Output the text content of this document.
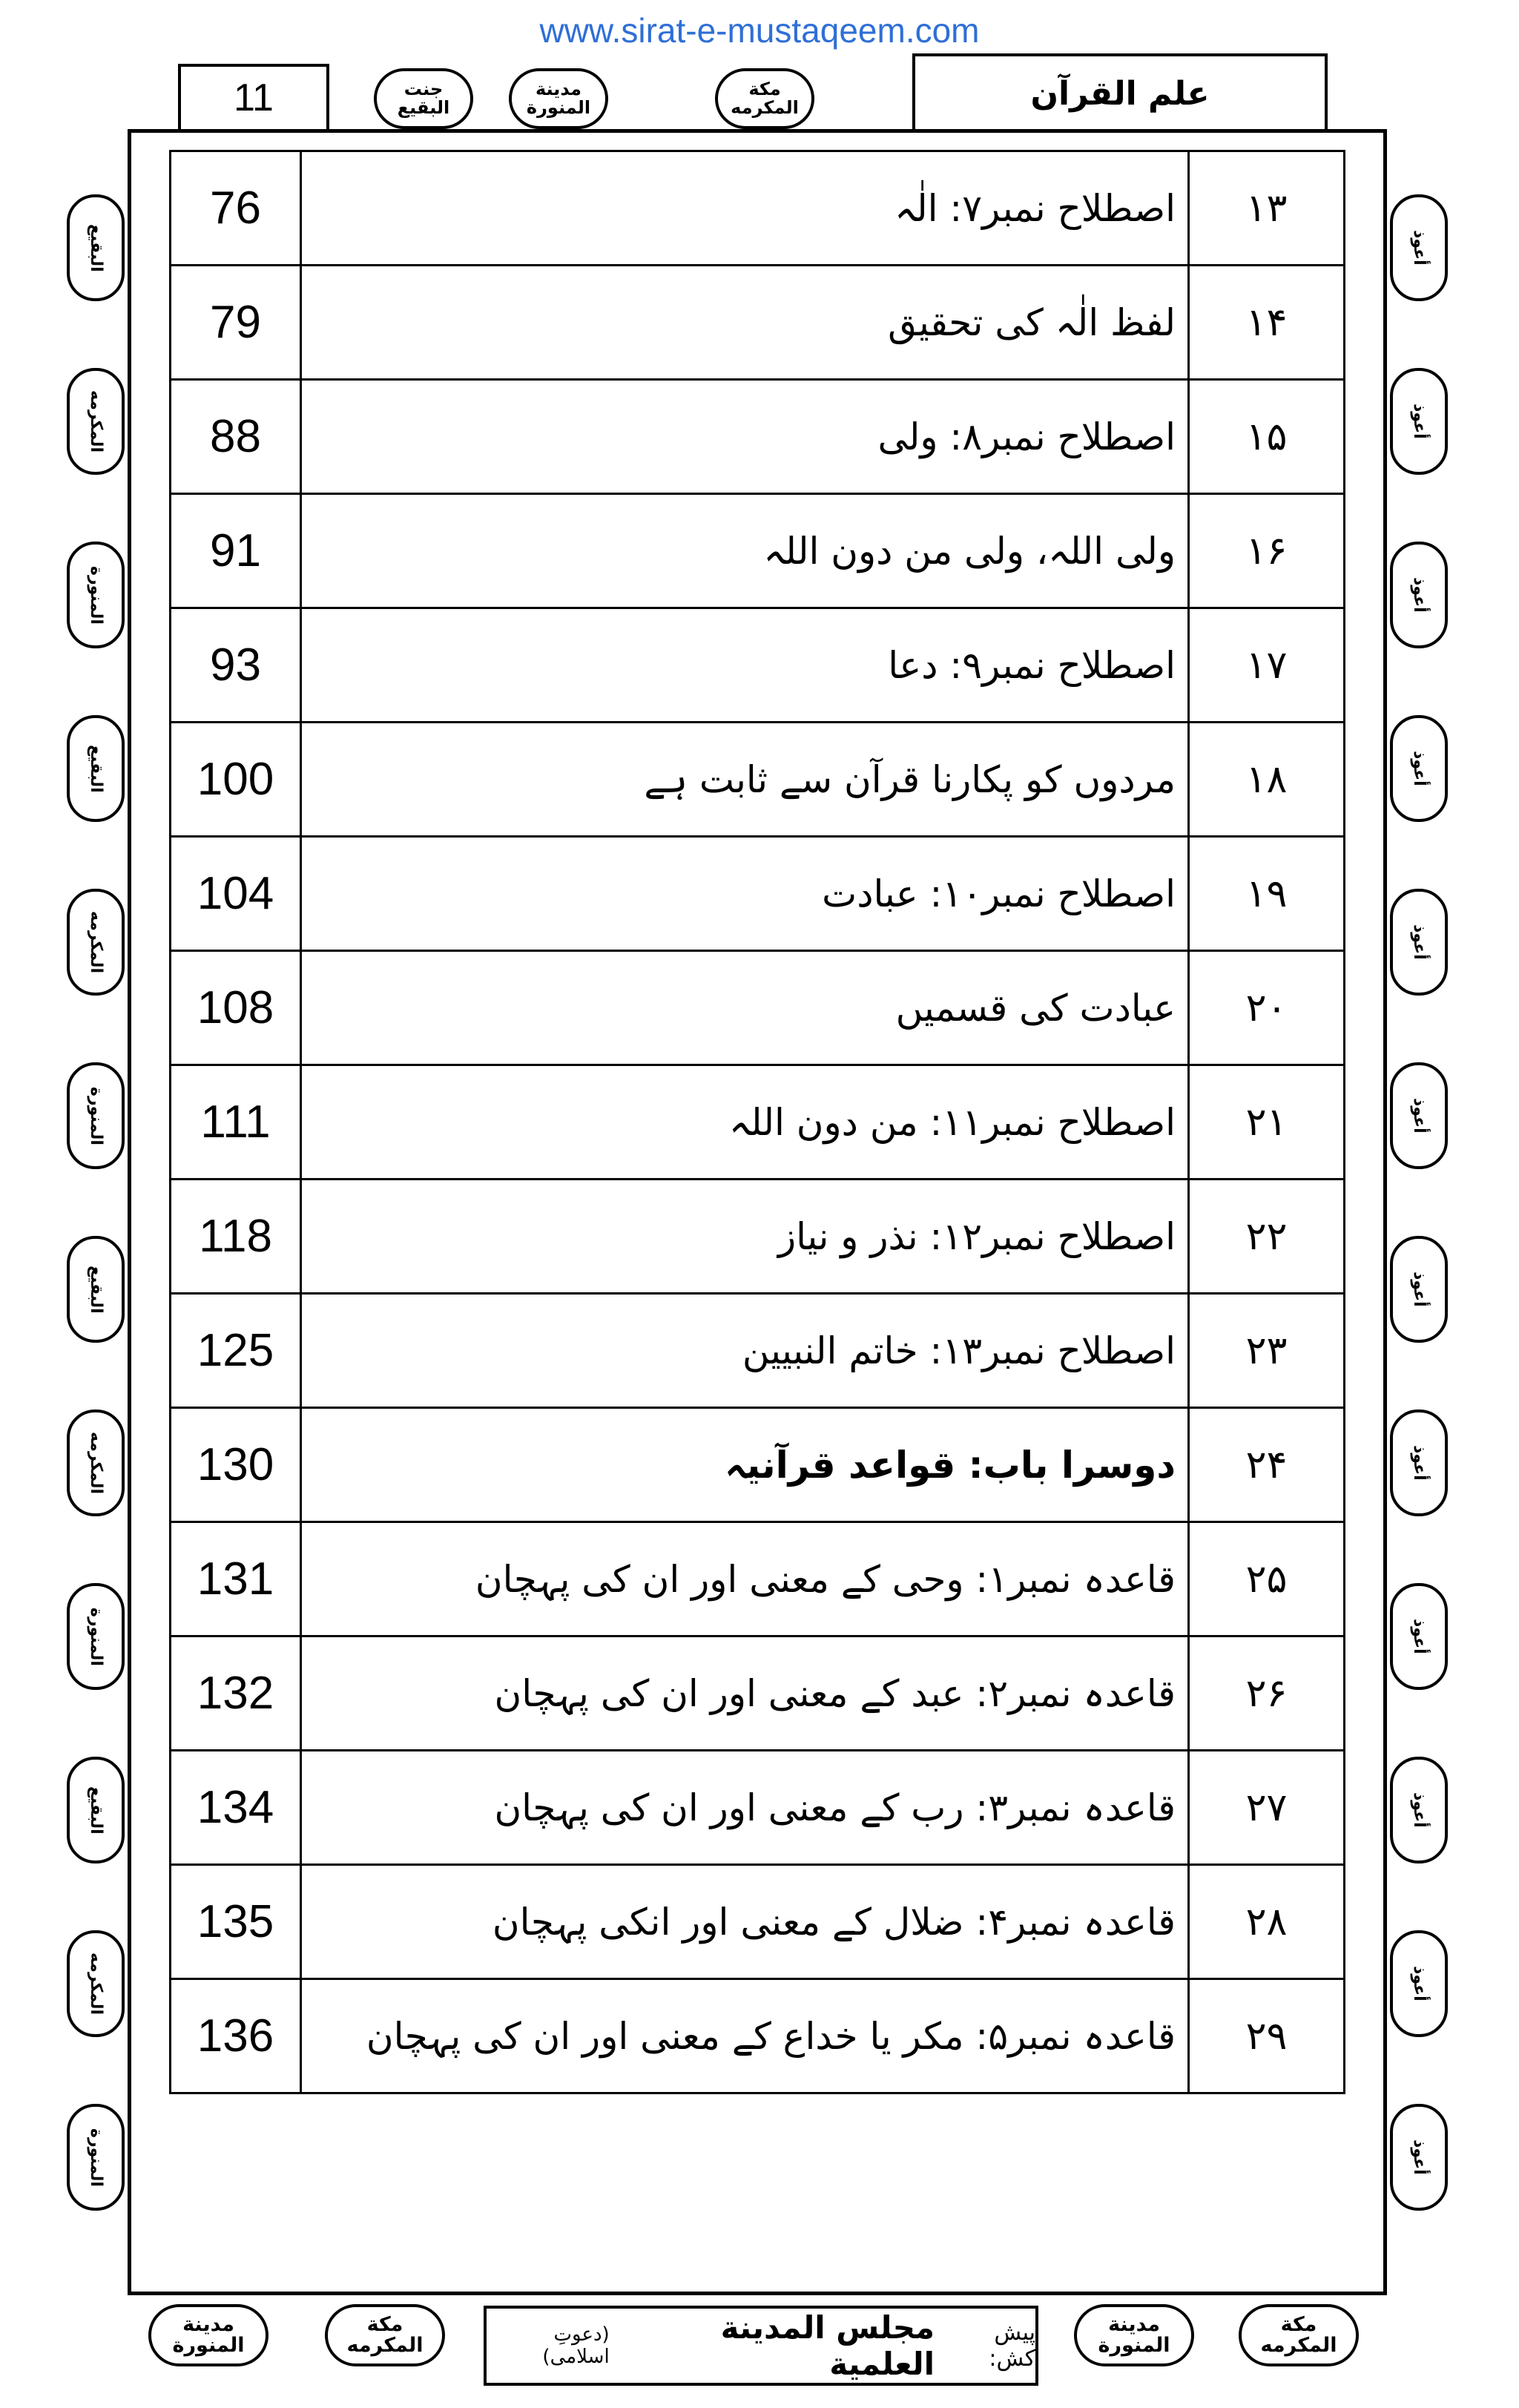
www.sirat-e-mustaqeem.com
11	جنت
البقيع
مدينة
المنورة
مكة
المكرمه	علم القرآن
76	اصطلاح نمبر۷: الٰہ	۱۳
79	لفظ الٰہ کی تحقیق	۱۴
88	اصطلاح نمبر۸: ولی	۱۵
91	ولی اللہ، ولی من دون اللہ	۱۶
93	اصطلاح نمبر۹: دعا	۱۷
100	مردوں کو پکارنا قرآن سے ثابت ہے	۱۸
104	اصطلاح نمبر۱۰: عبادت	۱۹
108	عبادت کی قسمیں	۲۰
111	اصطلاح نمبر۱۱: من دون اللہ	۲۱
118	اصطلاح نمبر۱۲: نذر و نیاز	۲۲
125	اصطلاح نمبر۱۳: خاتم النبیین	۲۳
130	دوسرا باب: قواعد قرآنیہ	۲۴
131	قاعدہ نمبر۱: وحی کے معنی اور ان کی پہچان	۲۵
132	قاعدہ نمبر۲: عبد کے معنی اور ان کی پہچان	۲۶
134	قاعدہ نمبر۳: رب کے معنی اور ان کی پہچان	۲۷
135	قاعدہ نمبر۴: ضلال کے معنی اور انکی پہچان	۲۸
136	قاعدہ نمبر۵: مکر یا خداع کے معنی اور ان کی پہچان	۲۹
البقيع
المكرمه
المنورة
البقيع
المكرمه
المنورة
البقيع
المكرمه
المنورة
البقيع
المكرمه
المنورة
أعوذ
أعوذ
أعوذ
أعوذ
أعوذ
أعوذ
أعوذ
أعوذ
أعوذ
أعوذ
أعوذ
أعوذ
مدينة
المنورة
مكة
المكرمه	پیش کش:
مجلس المدينة العلمية
(دعوتِ اسلامی)
مدينة
المنورة
مكة
المكرمه
